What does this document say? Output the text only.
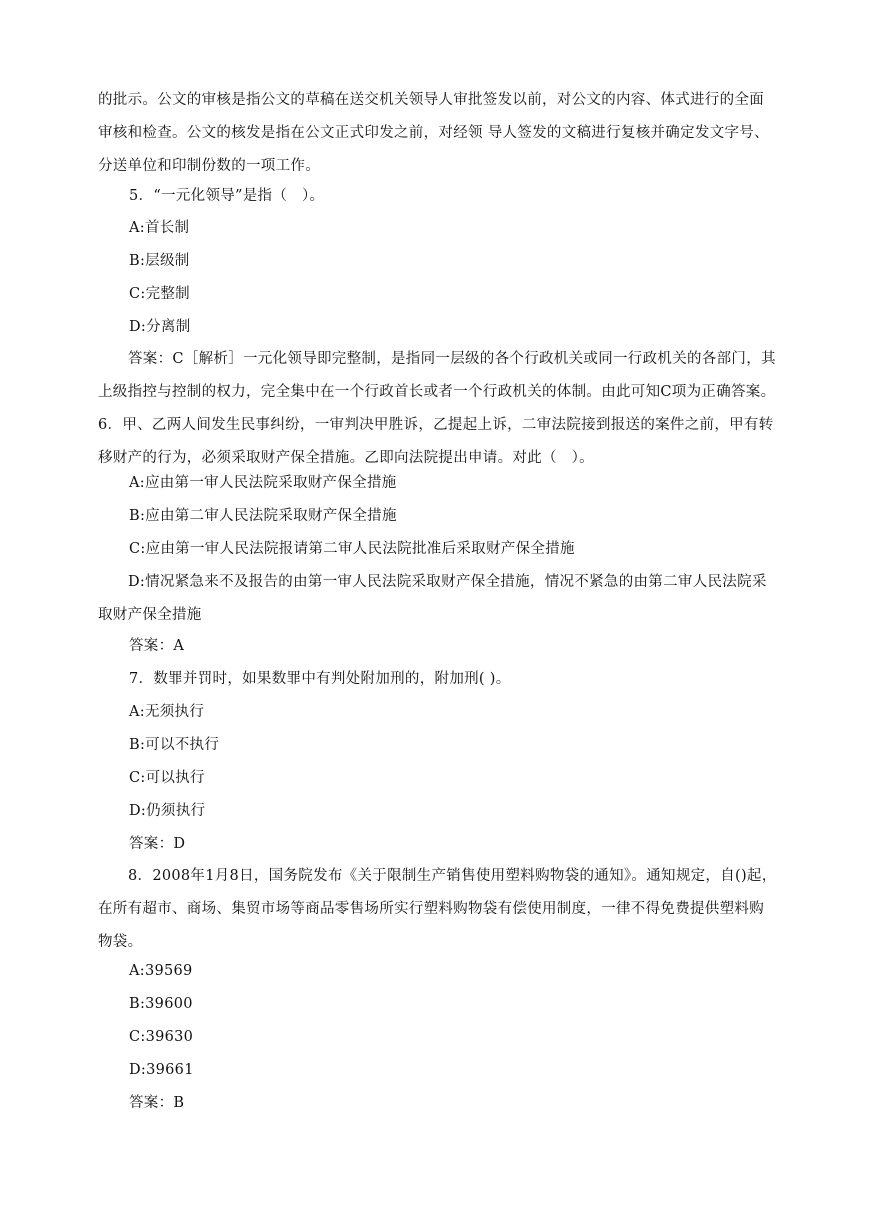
的批示。公文的审核是指公文的草稿在送交机关领导人审批签发以前，对公文的内容、体式进行的全面审核和检查。公文的核发是指在公文正式印发之前，对经领 导人签发的文稿进行复核并确定发文字号、分送单位和印制份数的一项工作。
5．“一元化领导”是指（　）。
A:首长制
B:层级制
C:完整制
D:分离制
答案：C［解析］一元化领导即完整制，是指同一层级的各个行政机关或同一行政机关的各部门，其上级指控与控制的权力，完全集中在一个行政首长或者一个行政机关的体制。由此可知C项为正确答案。6．甲、乙两人间发生民事纠纷，一审判决甲胜诉，乙提起上诉，二审法院接到报送的案件之前，甲有转移财产的行为，必须采取财产保全措施。乙即向法院提出申请。对此（　）。
A:应由第一审人民法院采取财产保全措施
B:应由第二审人民法院采取财产保全措施
C:应由第一审人民法院报请第二审人民法院批准后采取财产保全措施
D:情况紧急来不及报告的由第一审人民法院采取财产保全措施，情况不紧急的由第二审人民法院采取财产保全措施
答案：A
7．数罪并罚时，如果数罪中有判处附加刑的，附加刑( )。
A:无须执行
B:可以不执行
C:可以执行
D:仍须执行
答案：D
8．2008年1月8日，国务院发布《关于限制生产销售使用塑料购物袋的通知》。通知规定，自()起，在所有超市、商场、集贸市场等商品零售场所实行塑料购物袋有偿使用制度，一律不得免费提供塑料购物袋。
A:39569
B:39600
C:39630
D:39661
答案：B
